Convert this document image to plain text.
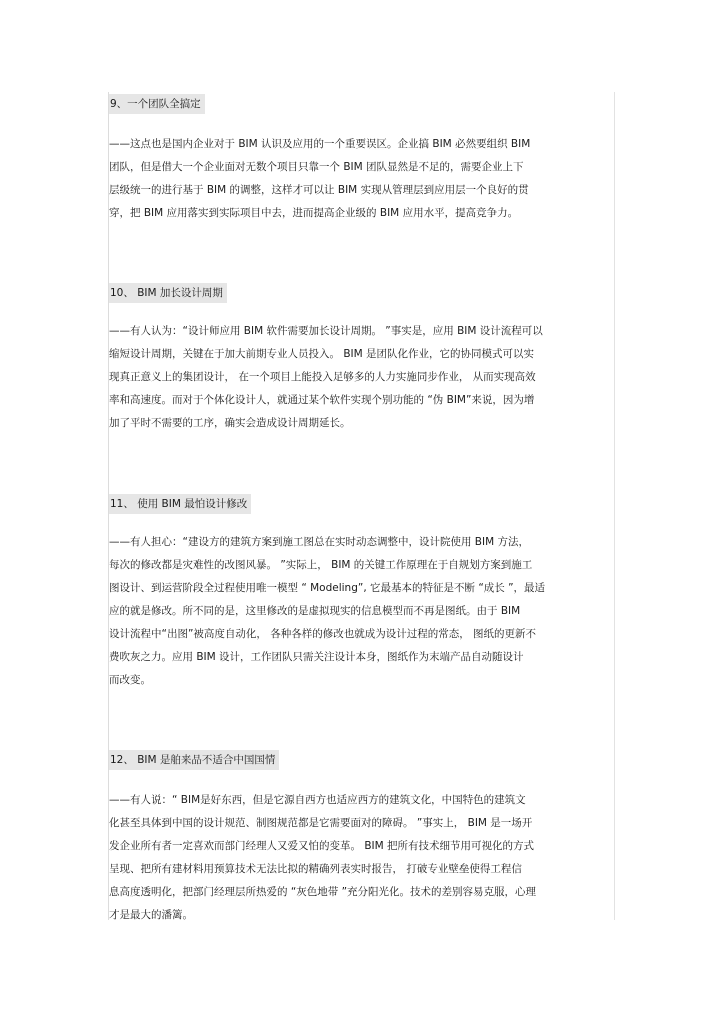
9、一个团队全搞定
——这点也是国内企业对于 BIM 认识及应用的一个重要误区。企业搞 BIM 必然要组织 BIM
团队，但是借大一个企业面对无数个项目只靠一个 BIM 团队显然是不足的，需要企业上下
层级统一的进行基于 BIM 的调整，这样才可以让 BIM 实现从管理层到应用层一个良好的贯
穿，把 BIM 应用落实到实际项目中去，进而提高企业级的 BIM 应用水平，提高竞争力。
10、 BIM 加长设计周期
——有人认为：“设计师应用 BIM 软件需要加长设计周期。 ”事实是，应用 BIM 设计流程可以
缩短设计周期，关键在于加大前期专业人员投入。 BIM 是团队化作业，它的协同模式可以实
现真正意义上的集团设计， 在一个项目上能投入足够多的人力实施同步作业， 从而实现高效
率和高速度。而对于个体化设计人，就通过某个软件实现个别功能的 “伪 BIM”来说，因为增
加了平时不需要的工序，确实会造成设计周期延长。
11、 使用 BIM 最怕设计修改
——有人担心：“建设方的建筑方案到施工图总在实时动态调整中，设计院使用 BIM 方法，
每次的修改都是灾难性的改图风暴。 ”实际上， BIM 的关键工作原理在于自规划方案到施工
图设计、到运营阶段全过程使用唯一模型 “ Modeling”, 它最基本的特征是不断 “成长 ”，最适
应的就是修改。所不同的是，这里修改的是虚拟现实的信息模型而不再是图纸。由于 BIM
设计流程中“出图”被高度自动化， 各种各样的修改也就成为设计过程的常态， 图纸的更新不
费吹灰之力。应用 BIM 设计，工作团队只需关注设计本身，图纸作为末端产品自动随设计
而改变。
12、 BIM 是舶来品不适合中国国情
——有人说：“ BIM是好东西，但是它源自西方也适应西方的建筑文化，中国特色的建筑文
化甚至具体到中国的设计规范、制图规范都是它需要面对的障碍。 ”事实上， BIM 是一场开
发企业所有者一定喜欢而部门经理人又爱又怕的变革。 BIM 把所有技术细节用可视化的方式
呈现、把所有建材料用预算技术无法比拟的精确列表实时报告， 打破专业壁垒使得工程信
息高度透明化，把部门经理层所热爱的 “灰色地带 ”充分阳光化。技术的差别容易克服，心理
才是最大的潘篱。
